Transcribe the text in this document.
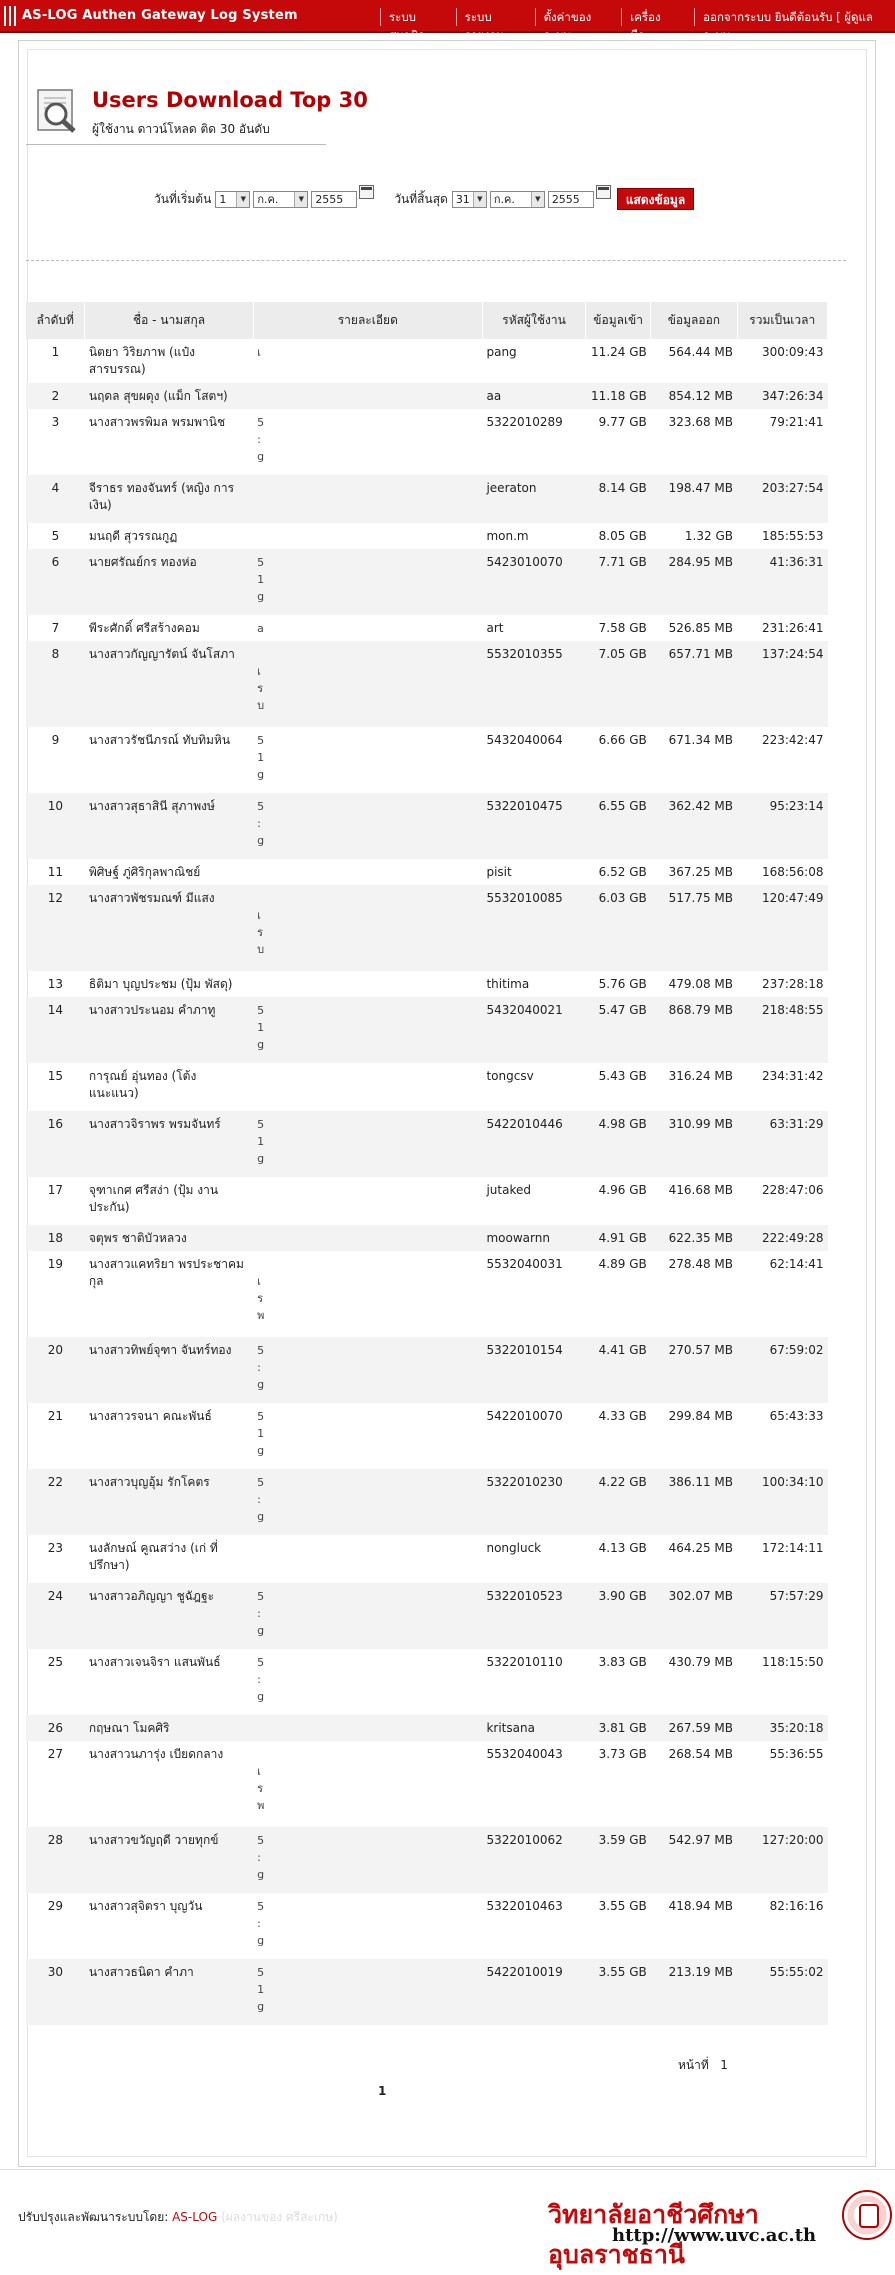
AS-LOG Authen Gateway Log System	ระบบสมาชิก
ระบบรายงาน
ตั้งค่าของระบบ
เครื่องมือ
ออกจากระบบ ยินดีต้อนรับ [ ผู้ดูแลระบบ
Users Download Top 30
ผู้ใช้งาน ดาวน์โหลด ติด 30 อันดับ
วันที่เริ่มต้น 1	▼	ก.ค.	▼	2555	วันที่สิ้นสุด 31	▼	ก.ค.	▼	2555	แสดงข้อมูล
ลำดับที่	ชื่อ - นามสกุล	รายละเอียด	รหัสผู้ใช้งาน	ข้อมูลเข้า	ข้อมูลออก	รวมเป็นเวลา
1	นิตยา วิริยภาพ (แป๋ง สารบรรณ)	เ	pang	11.24 GB	564.44 MB	300:09:43
2	นฤดล สุขผดุง (แม็ก โสตฯ)		aa	11.18 GB	854.12 MB	347:26:34
3	นางสาวพรพิมล พรมพานิช	5
:
g	5322010289	9.77 GB	323.68 MB	79:21:41
4	จีราธร ทองจันทร์ (หญิง การเงิน)		jeeraton	8.14 GB	198.47 MB	203:27:54
5	มนฤดี สุวรรณกูฏ		mon.m	8.05 GB	1.32 GB	185:55:53
6	นายศรัณย์กร ทองห่อ	5
1
g	5423010070	7.71 GB	284.95 MB	41:36:31
7	พีระศักดิ์ ศรีสร้างคอม	a	art	7.58 GB	526.85 MB	231:26:41
8	นางสาวกัญญารัตน์ จันโสภา	
เ
ร
บ	5532010355	7.05 GB	657.71 MB	137:24:54
9	นางสาวรัชนีภรณ์ ทับทิมหิน	5
1
g	5432040064	6.66 GB	671.34 MB	223:42:47
10	นางสาวสุธาสินี สุภาพงษ์	5
:
g	5322010475	6.55 GB	362.42 MB	95:23:14
11	พิศิษฐ์ ภู่ศิริกุลพาณิชย์		pisit	6.52 GB	367.25 MB	168:56:08
12	นางสาวพัชรมณฑ์ มีแสง	
เ
ร
บ	5532010085	6.03 GB	517.75 MB	120:47:49
13	ธิติมา บุญประชม (ปุ้ม พัสดุ)		thitima	5.76 GB	479.08 MB	237:28:18
14	นางสาวประนอม คำภาทู	5
1
g	5432040021	5.47 GB	868.79 MB	218:48:55
15	การุณย์ อุ่นทอง (โต้ง แนะแนว)		tongcsv	5.43 GB	316.24 MB	234:31:42
16	นางสาวจิราพร พรมจันทร์	5
1
g	5422010446	4.98 GB	310.99 MB	63:31:29
17	จุฑาเกศ ศรีสง่า (ปุ้ม งานประกัน)		jutaked	4.96 GB	416.68 MB	228:47:06
18	จตุพร ชาติบัวหลวง		moowarnn	4.91 GB	622.35 MB	222:49:28
19	นางสาวแคทริยา พรประชาคมกุล	
เ
ร
พ	5532040031	4.89 GB	278.48 MB	62:14:41
20	นางสาวทิพย์จุฑา จันทร์ทอง	5
:
g	5322010154	4.41 GB	270.57 MB	67:59:02
21	นางสาวรจนา คณะพันธ์	5
1
g	5422010070	4.33 GB	299.84 MB	65:43:33
22	นางสาวบุญอุ้ม รักโคตร	5
:
g	5322010230	4.22 GB	386.11 MB	100:34:10
23	นงลักษณ์ คูณสว่าง (เก่ ที่ปรึกษา)		nongluck	4.13 GB	464.25 MB	172:14:11
24	นางสาวอภิญญา ชูฉัฎฐะ	5
:
g	5322010523	3.90 GB	302.07 MB	57:57:29
25	นางสาวเจนจิรา แสนพันธ์	5
:
g	5322010110	3.83 GB	430.79 MB	118:15:50
26	กฤษณา โมคศิริ		kritsana	3.81 GB	267.59 MB	35:20:18
27	นางสาวนภารุ่ง เบียดกลาง	
เ
ร
พ	5532040043	3.73 GB	268.54 MB	55:36:55
28	นางสาวขวัญฤดี วายทุกข์	5
:
g	5322010062	3.59 GB	542.97 MB	127:20:00
29	นางสาวสุจิตรา บุญวัน	5
:
g	5322010463	3.55 GB	418.94 MB	82:16:16
30	นางสาวธนิดา คำภา	5
1
g	5422010019	3.55 GB	213.19 MB	55:55:02
หน้าที่ 1
1
ปรับปรุงและพัฒนาระบบโดย: AS-LOG (ผลงานของ ศรีสะเกษ)	วิทยาลัยอาชีวศึกษาอุบลราชธานี
http://www.uvc.ac.th
